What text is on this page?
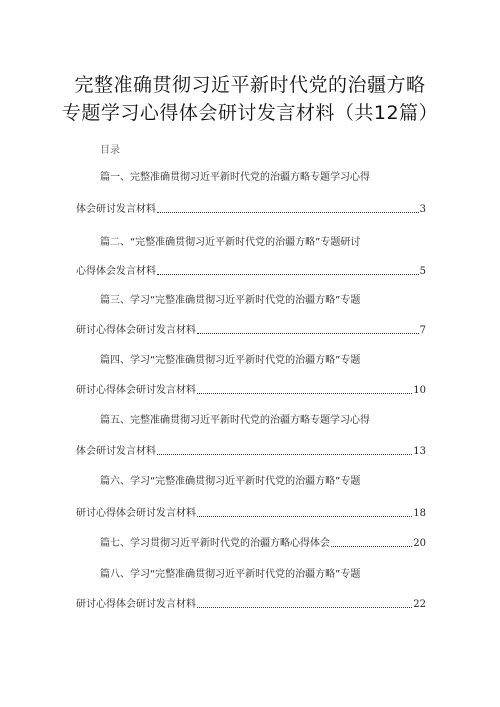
完整准确贯彻习近平新时代党的治疆方略
专题学习心得体会研讨发言材料（共12篇）
目录
篇一、完整准确贯彻习近平新时代党的治疆方略专题学习心得
体会研讨发言材料	3
篇二、“完整准确贯彻习近平新时代党的治疆方略”专题研讨
心得体会发言材料	5
篇三、学习“完整准确贯彻习近平新时代党的治疆方略”专题
研讨心得体会研讨发言材料	7
篇四、学习“完整准确贯彻习近平新时代党的治疆方略”专题
研讨心得体会研讨发言材料	10
篇五、完整准确贯彻习近平新时代党的治疆方略专题学习心得
体会研讨发言材料	13
篇六、学习“完整准确贯彻习近平新时代党的治疆方略”专题
研讨心得体会研讨发言材料	18
篇七、学习贯彻习近平新时代党的治疆方略心得体会	20
篇八、学习“完整准确贯彻习近平新时代党的治疆方略”专题
研讨心得体会研讨发言材料	22
